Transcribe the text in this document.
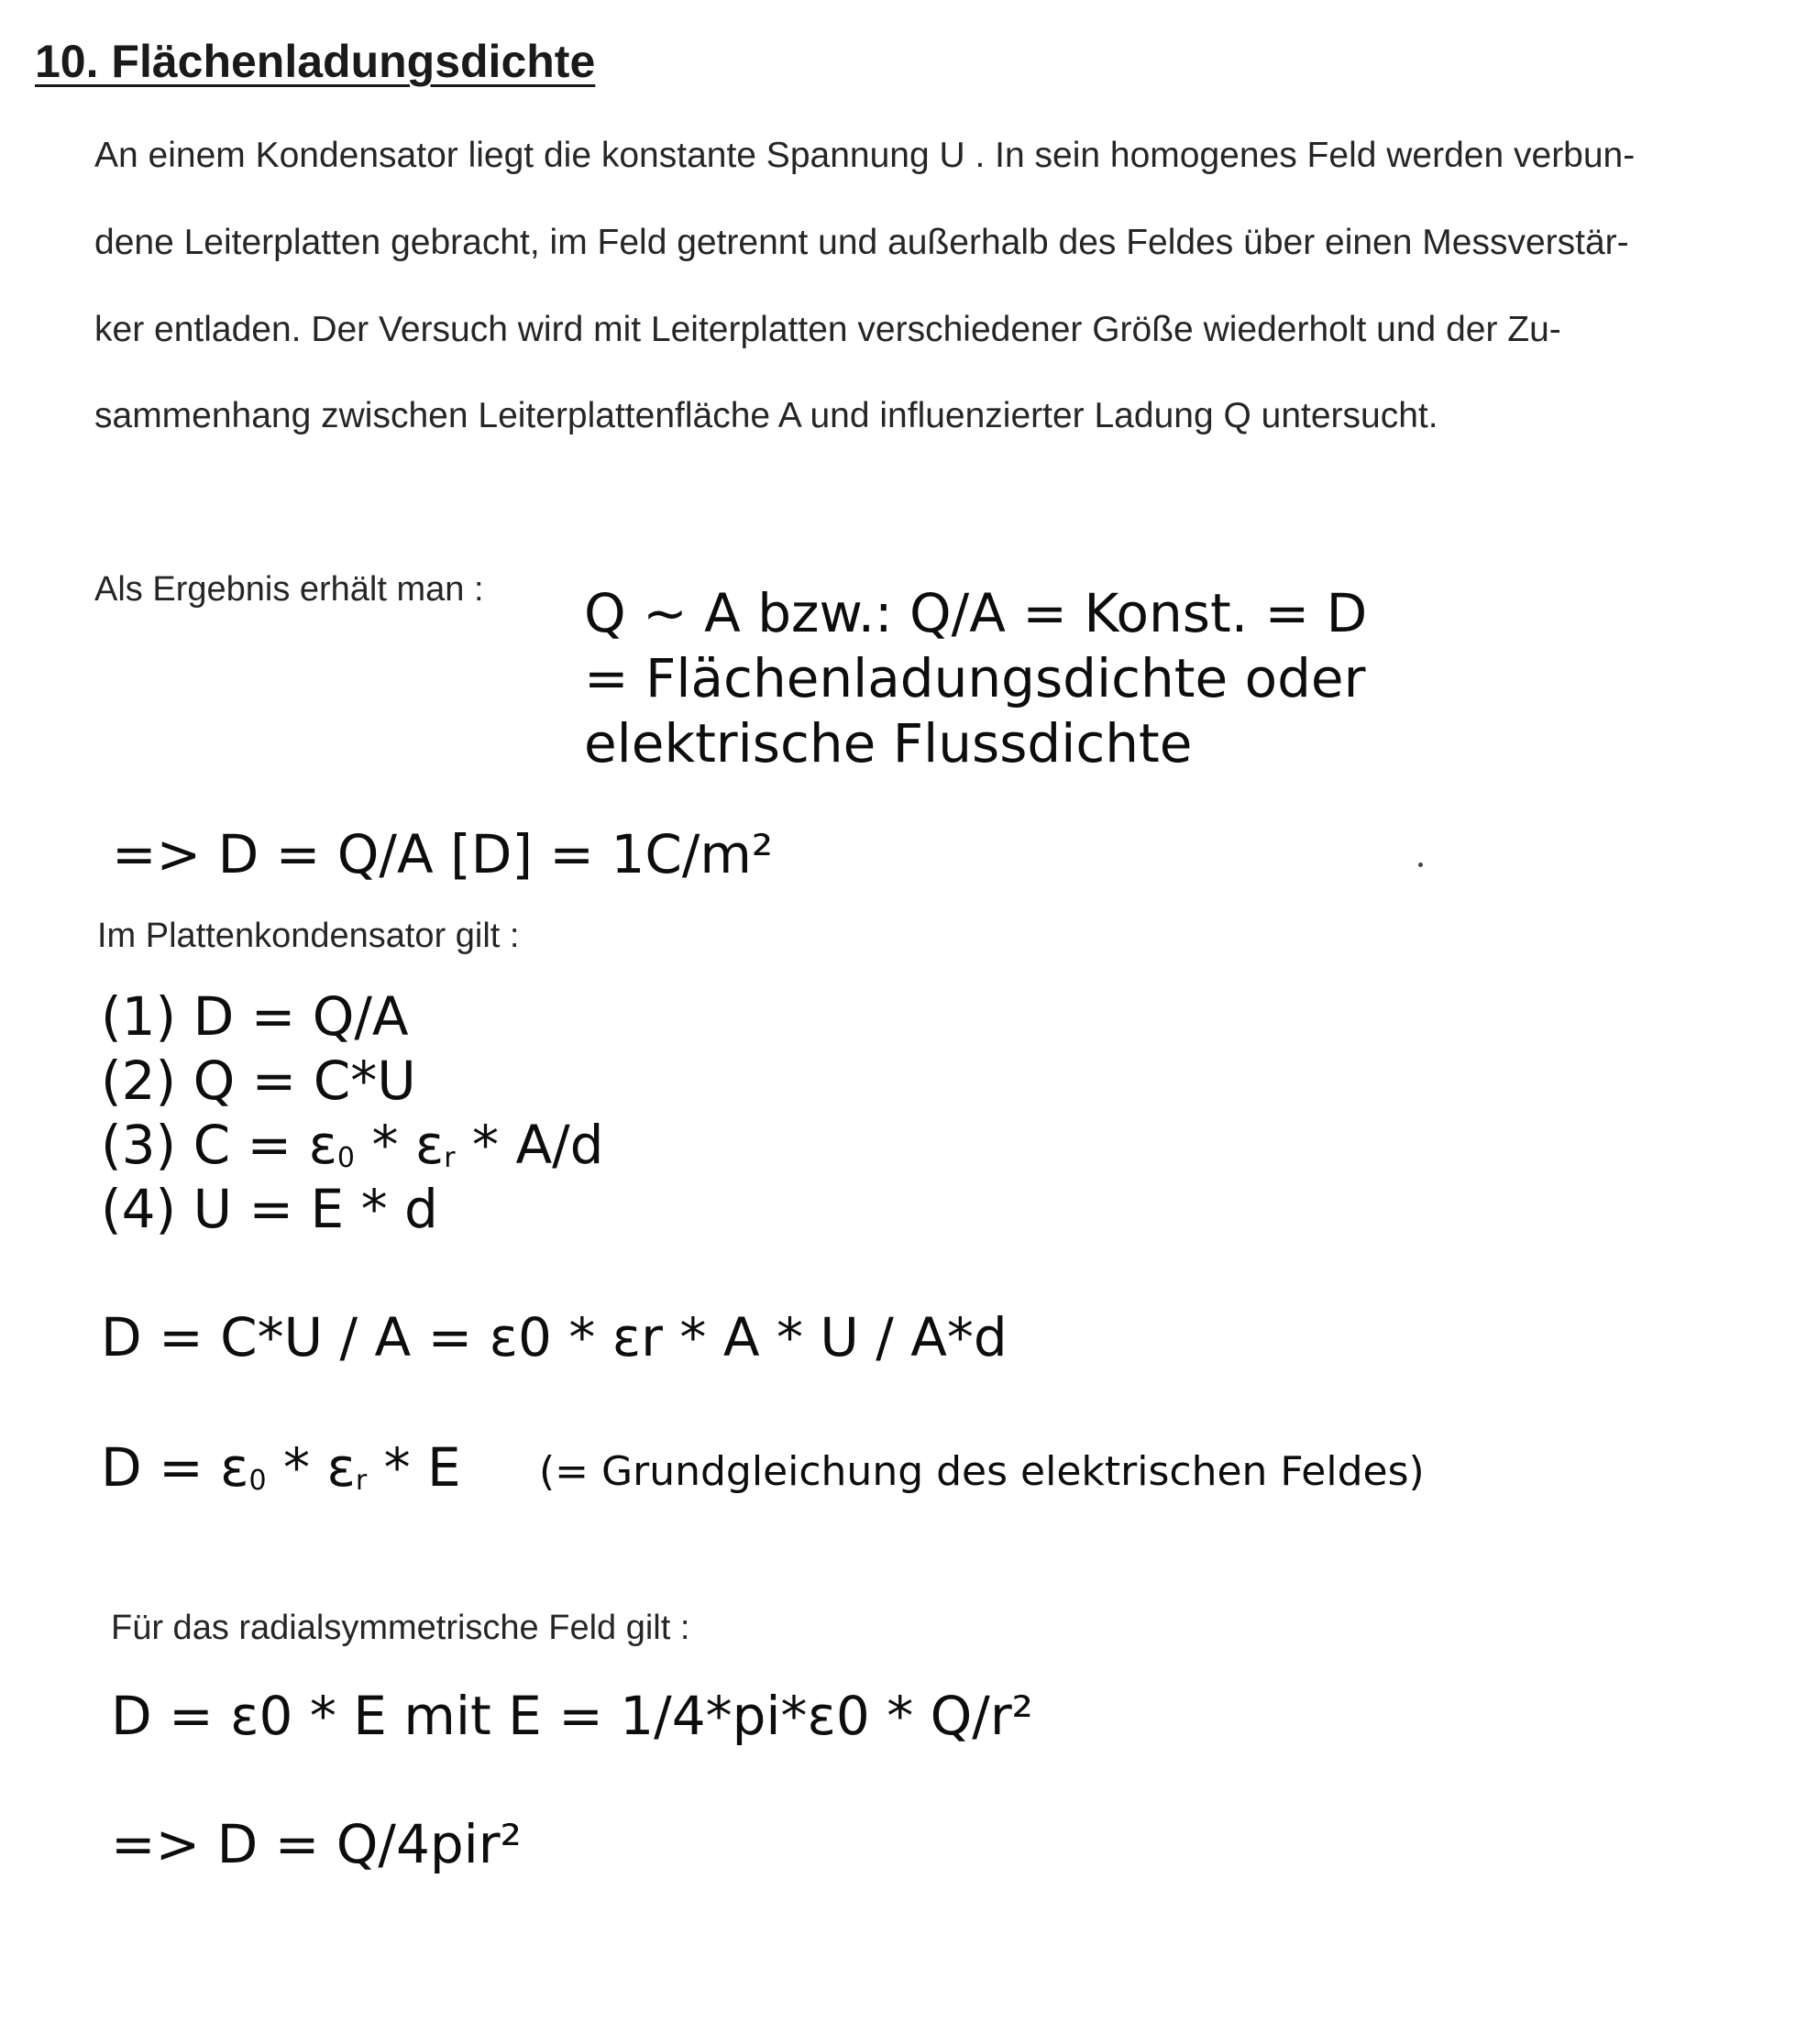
10. Flächenladungsdichte
An einem Kondensator liegt die konstante Spannung U . In sein homogenes Feld werden verbun-
dene Leiterplatten gebracht, im Feld getrennt und außerhalb des Feldes über einen Messverstär-
ker entladen. Der Versuch wird mit Leiterplatten verschiedener Größe wiederholt und der Zu-
sammenhang zwischen Leiterplattenfläche A und influenzierter Ladung Q untersucht.
Als Ergebnis erhält man : Q ~ A bzw.: Q/A = Konst. = D
= Flächenladungsdichte oder
elektrische Flussdichte
=> D = Q/A [D] = 1C/m²
Im Plattenkondensator gilt :
(1) D = Q/A
(2) Q = C*U
(3) C = ε0 * εr * A/d
(4) U = E * d
D = C*U / A = ε0 * εr * A * U / A*d
D = ε0 * εr * E (= Grundgleichung des elektrischen Feldes)
Für das radialsymmetrische Feld gilt :
D = ε0 * E mit E = 1/4*pi*ε0 * Q/r²
=> D = Q/4pir²
